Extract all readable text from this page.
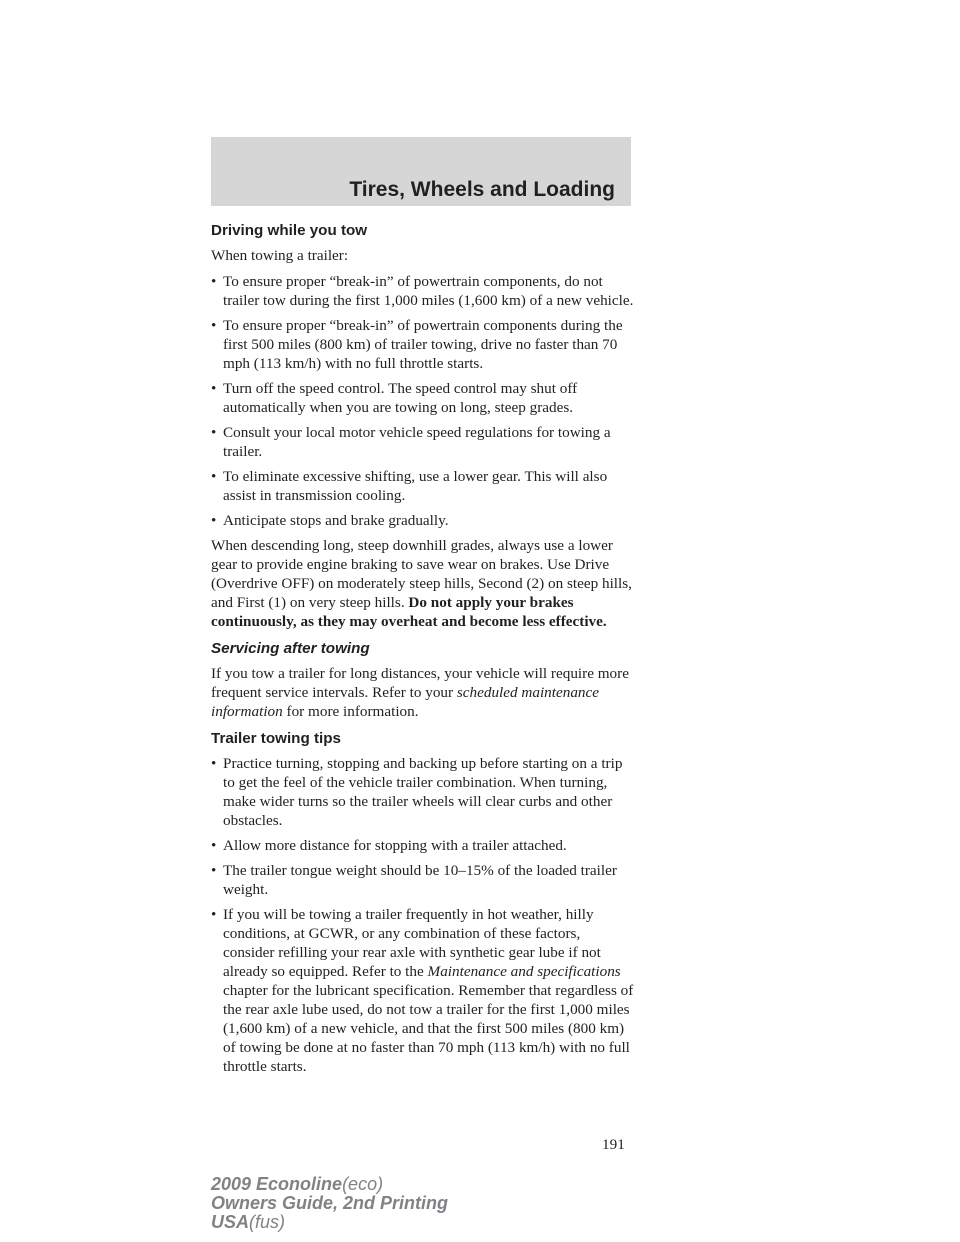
Tires, Wheels and Loading
Driving while you tow

When towing a trailer:

• To ensure proper “break-in” of powertrain components, do not trailer tow during the first 1,000 miles (1,600 km) of a new vehicle.
• To ensure proper “break-in” of powertrain components during the first 500 miles (800 km) of trailer towing, drive no faster than 70 mph (113 km/h) with no full throttle starts.
• Turn off the speed control. The speed control may shut off automatically when you are towing on long, steep grades.
• Consult your local motor vehicle speed regulations for towing a trailer.
• To eliminate excessive shifting, use a lower gear. This will also assist in transmission cooling.
• Anticipate stops and brake gradually.

When descending long, steep downhill grades, always use a lower gear to provide engine braking to save wear on brakes. Use Drive (Overdrive OFF) on moderately steep hills, Second (2) on steep hills, and First (1) on very steep hills. Do not apply your brakes continuously, as they may overheat and become less effective.

Servicing after towing

If you tow a trailer for long distances, your vehicle will require more frequent service intervals. Refer to your scheduled maintenance information for more information.

Trailer towing tips
• Practice turning, stopping and backing up before starting on a trip to get the feel of the vehicle trailer combination. When turning, make wider turns so the trailer wheels will clear curbs and other obstacles.
• Allow more distance for stopping with a trailer attached.
• The trailer tongue weight should be 10–15% of the loaded trailer weight.
• If you will be towing a trailer frequently in hot weather, hilly conditions, at GCWR, or any combination of these factors, consider refilling your rear axle with synthetic gear lube if not already so equipped. Refer to the Maintenance and specifications chapter for the lubricant specification. Remember that regardless of the rear axle lube used, do not tow a trailer for the first 1,000 miles (1,600 km) of a new vehicle, and that the first 500 miles (800 km) of towing be done at no faster than 70 mph (113 km/h) with no full throttle starts.
191
2009 Econoline(eco)
Owners Guide, 2nd Printing
USA(fus)
